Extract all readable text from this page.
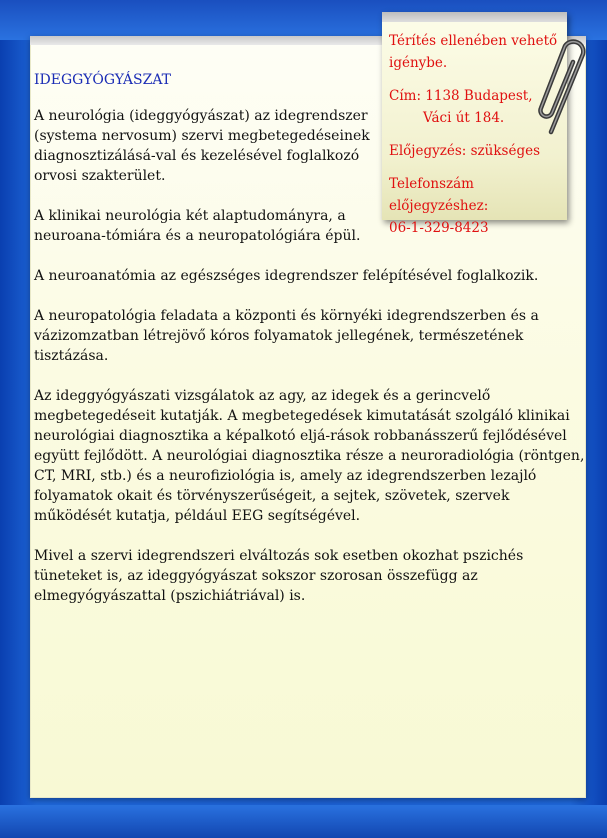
IDEGGYÓGYÁSZAT

A neurológia (ideggyógyászat) az idegrendszer (systema nervosum) szervi megbetegedéseinek diagnosztizálásá-val és kezelésével foglalkozó orvosi szakterület.

A klinikai neurológia két alaptudományra, a neuroana-tómiára és a neuropatológiára épül.

A neuroanatómia az egészséges idegrendszer felépítésével foglalkozik.

A neuropatológia feladata a központi és környéki idegrendszerben és a vázizomzatban létrejövő kóros folyamatok jellegének, természetének tisztázása.

Az ideggyógyászati vizsgálatok az agy, az idegek és a gerincvelő megbetegedéseit kutatják. A megbetegedések kimutatását szolgáló klinikai neurológiai diagnosztika a képalkotó eljá-rások robbanásszerű fejlődésével együtt fejlődött. A neurológiai diagnosztika része a neuroradiológia (röntgen, CT, MRI, stb.) és a neurofiziológia is, amely az idegrendszerben lezajló folyamatok okait és törvényszerűségeit, a sejtek, szövetek, szervek működését kutatja, például EEG segítségével.

Mivel a szervi idegrendszeri elváltozás sok esetben okozhat pszichés tüneteket is, az ideggyógyászat sokszor szorosan összefügg az elmegyógyászattal (pszichiátriával) is.

Térítés ellenében vehető igénybe.
Cím: 1138 Budapest,
Váci út 184.
Előjegyzés: szükséges
Telefonszám előjegyzéshez:
06-1-329-8423
